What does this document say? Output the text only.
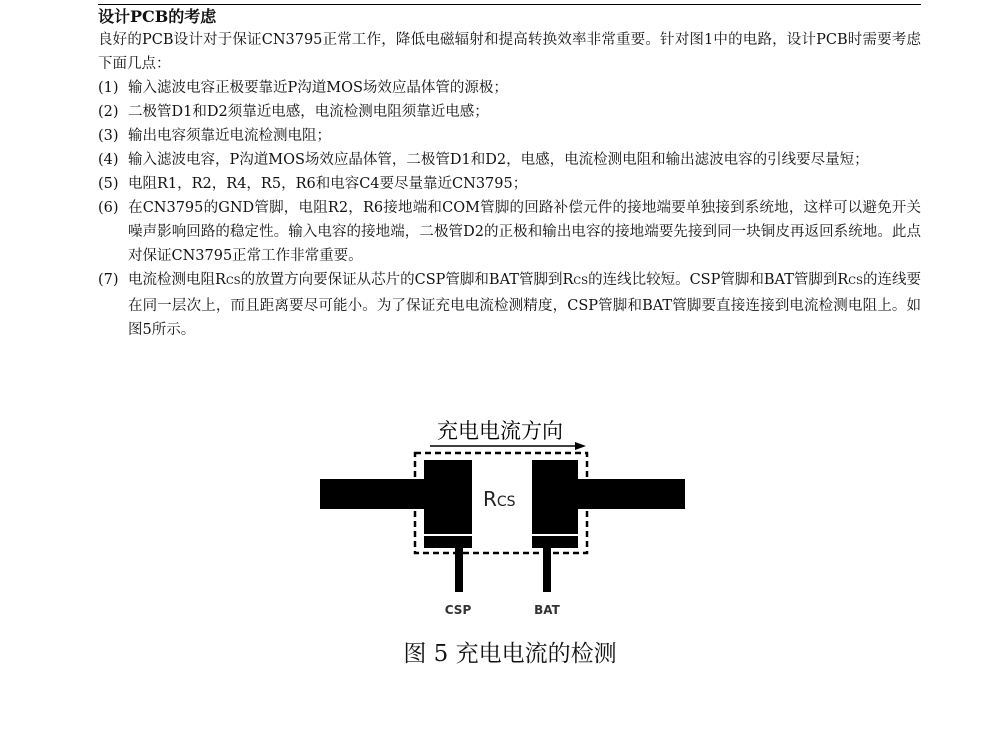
设计PCB的考虑

良好的PCB设计对于保证CN3795正常工作，降低电磁辐射和提高转换效率非常重要。针对图1中的电路，设计PCB时需要考虑下面几点：

(1) 输入滤波电容正极要靠近P沟道MOS场效应晶体管的源极；
(2) 二极管D1和D2须靠近电感，电流检测电阻须靠近电感；
(3) 输出电容须靠近电流检测电阻；
(4) 输入滤波电容，P沟道MOS场效应晶体管，二极管D1和D2，电感，电流检测电阻和输出滤波电容的引线要尽量短；
(5) 电阻R1，R2，R4，R5，R6和电容C4要尽量靠近CN3795；
(6) 在CN3795的GND管脚，电阻R2，R6接地端和COM管脚的回路补偿元件的接地端要单独接到系统地，这样可以避免开关噪声影响回路的稳定性。输入电容的接地端，二极管D2的正极和输出电容的接地端要先接到同一块铜皮再返回系统地。此点对保证CN3795正常工作非常重要。
(7) 电流检测电阻RCS的放置方向要保证从芯片的CSP管脚和BAT管脚到RCS的连线比较短。CSP管脚和BAT管脚到RCS的连线要在同一层次上，而且距离要尽可能小。为了保证充电电流检测精度，CSP管脚和BAT管脚要直接连接到电流检测电阻上。如图5所示。
充电电流方向
RCS
CSP	BAT
图 5 充电电流的检测
